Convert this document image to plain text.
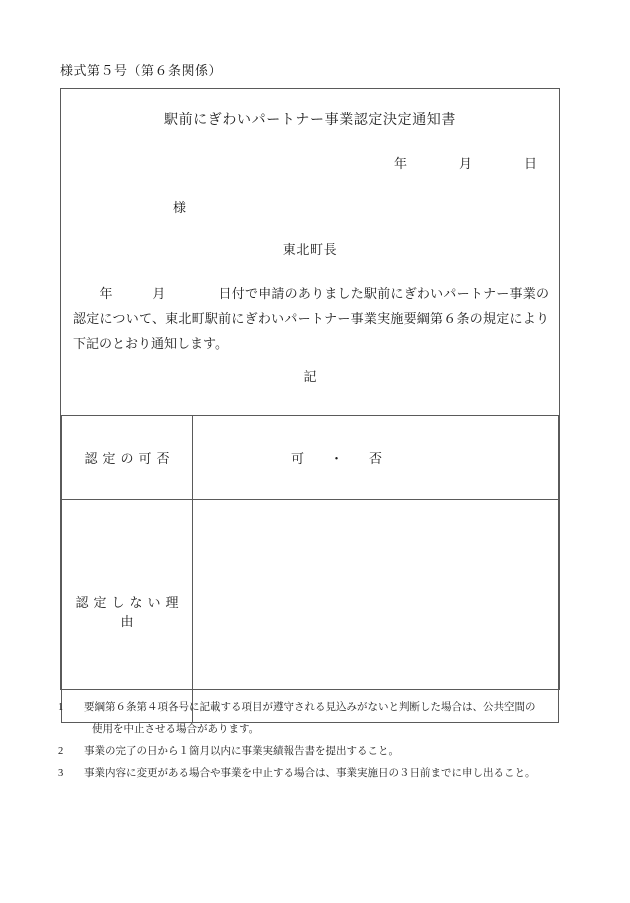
様式第５号（第６条関係）
駅前にぎわいパートナー事業認定決定通知書
年　　　　月　　　　日
様
東北町長
　　年　　　月　　　　日付で申請のありました駅前にぎわいパートナー事業の認定について、東北町駅前にぎわいパートナー事業実施要綱第６条の規定により下記のとおり通知します。
記
認定の可否	可　　・　　否

認定しない理由	
1 要綱第６条第４項各号に記載する項目が遵守される見込みがないと判断した場合は、公共空間の
使用を中止させる場合があります。
2 事業の完了の日から１箇月以内に事業実績報告書を提出すること。
3 事業内容に変更がある場合や事業を中止する場合は、事業実施日の３日前までに申し出ること。
